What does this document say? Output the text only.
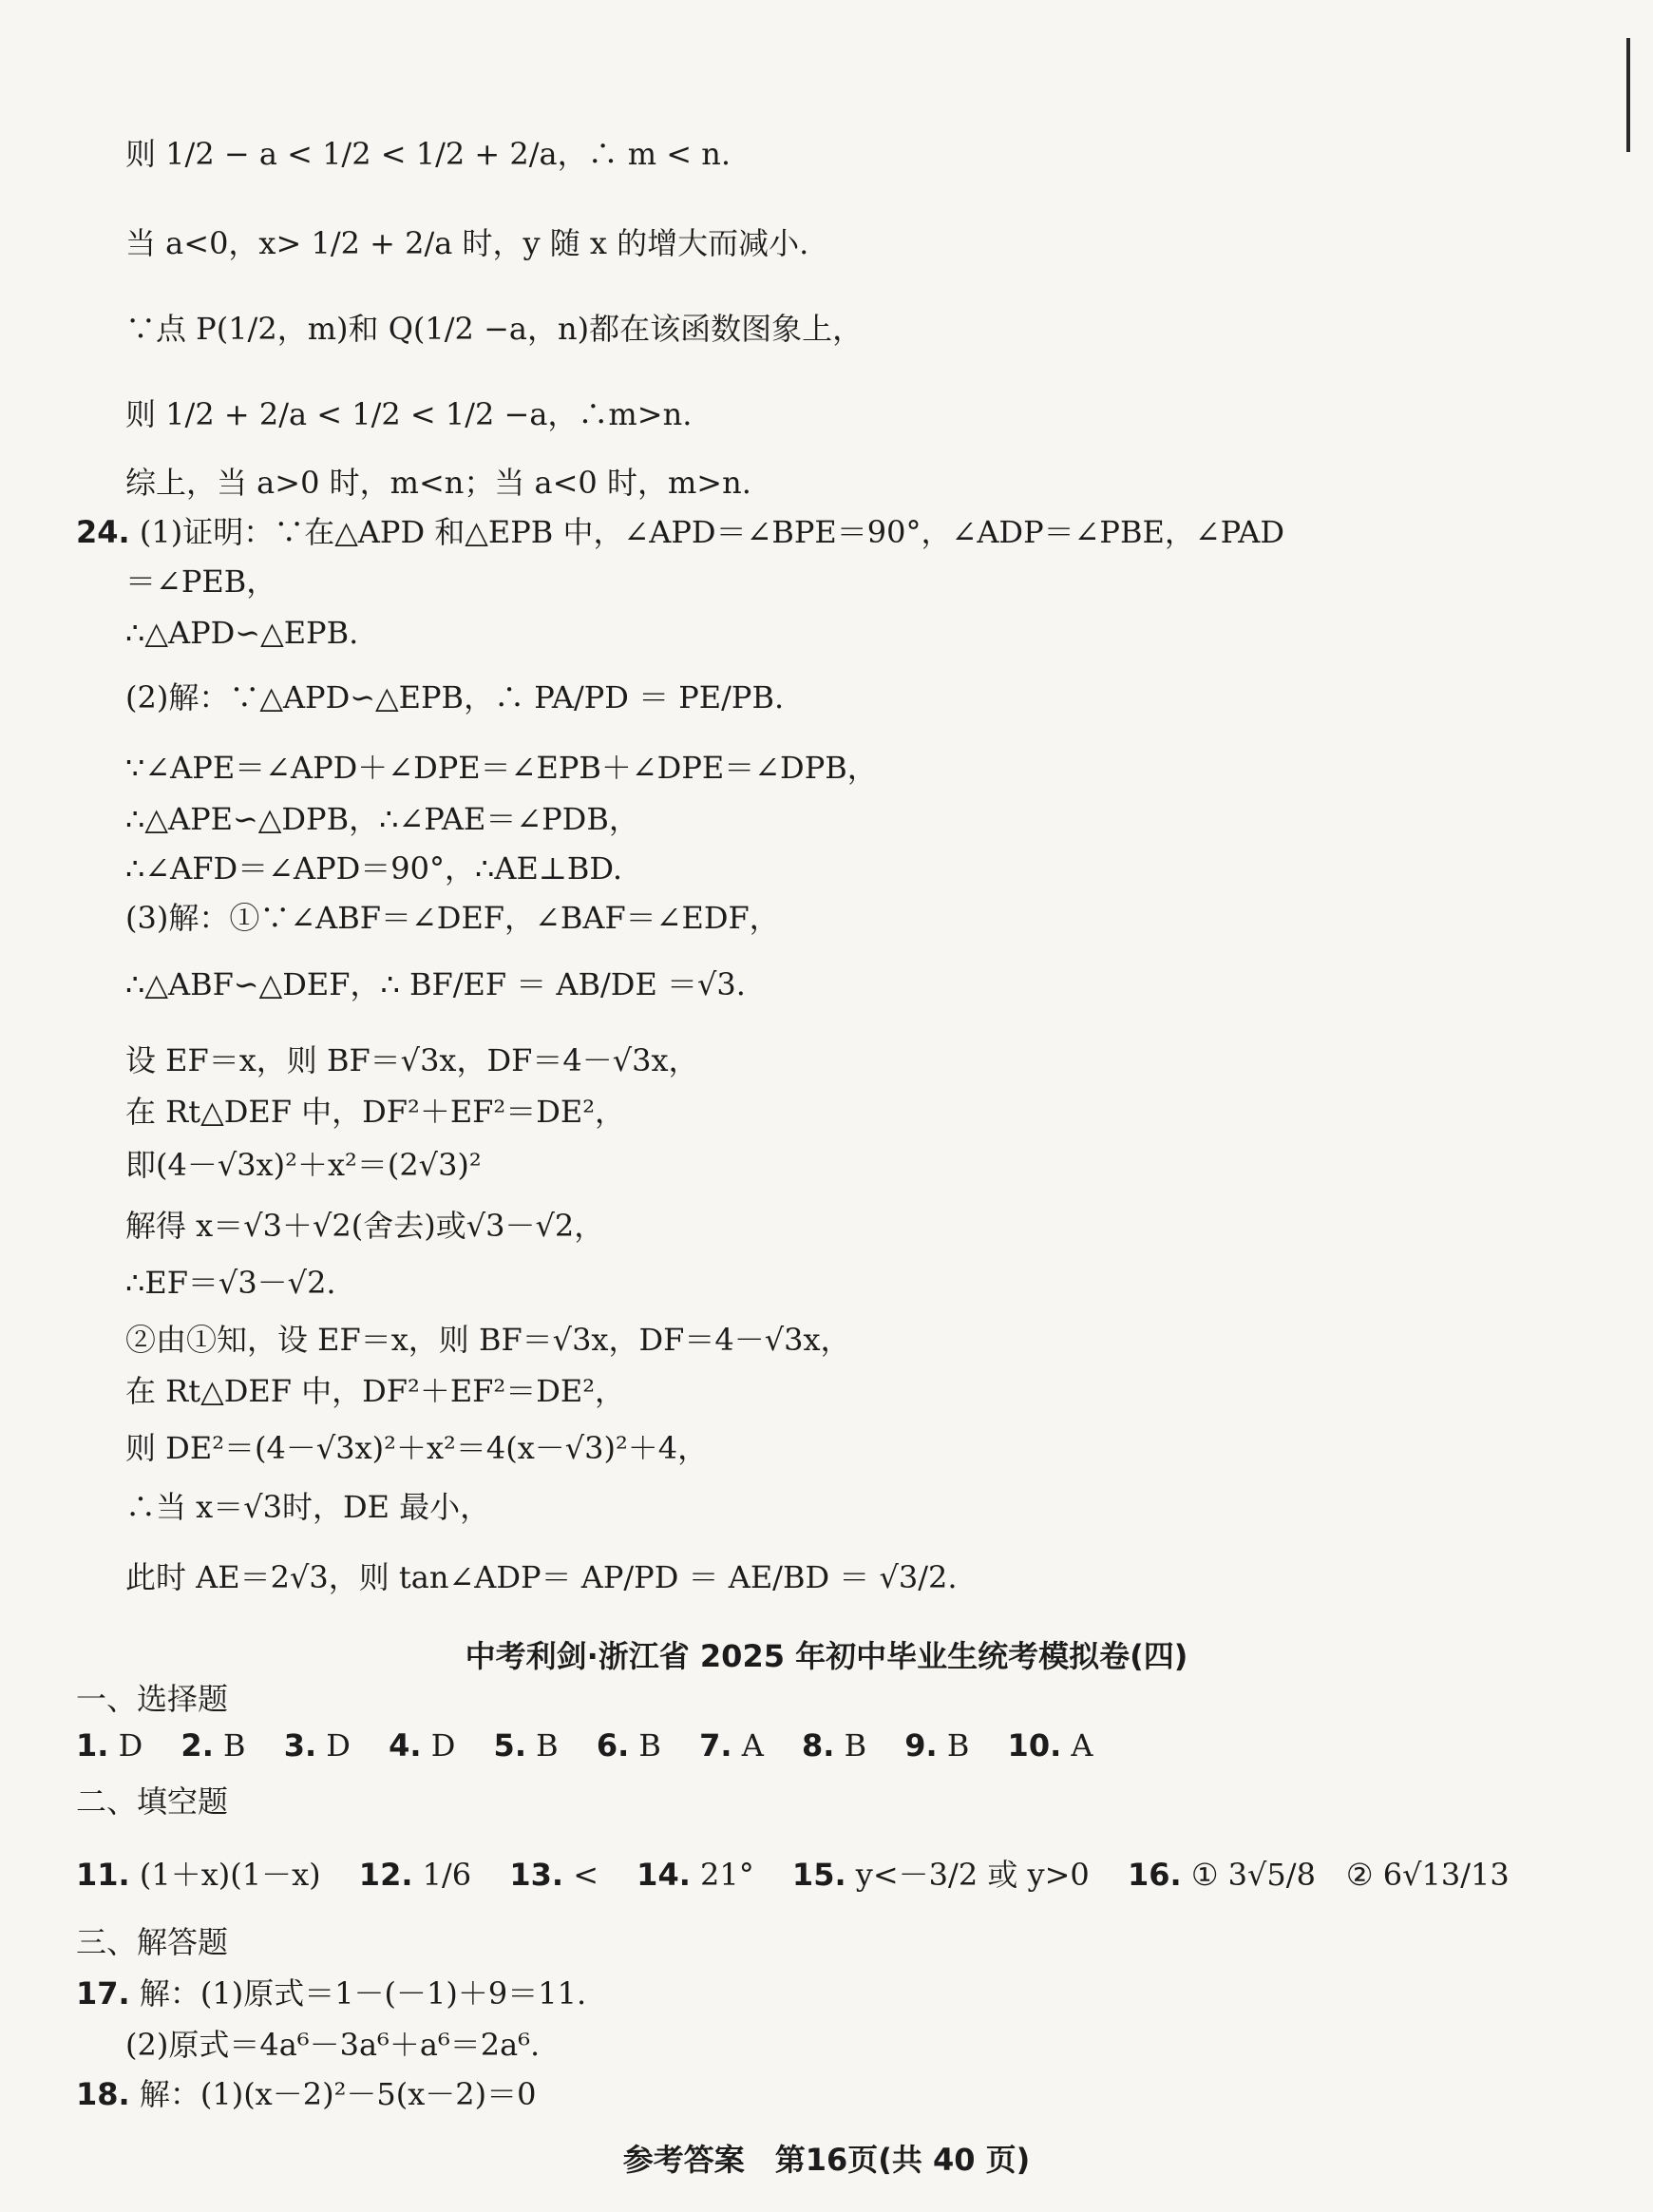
则 1/2 − a < 1/2 < 1/2 + 2/a，∴ m < n.
当 a<0，x> 1/2 + 2/a 时，y 随 x 的增大而减小.
∵点 P(1/2，m)和 Q(1/2 −a，n)都在该函数图象上，
则 1/2 + 2/a < 1/2 < 1/2 −a，∴m>n.
综上，当 a>0 时，m<n；当 a<0 时，m>n.
24. (1)证明：∵在△APD 和△EPB 中，∠APD＝∠BPE＝90°，∠ADP＝∠PBE，∠PAD
＝∠PEB，
∴△APD∽△EPB.
(2)解：∵△APD∽△EPB，∴ PA/PD ＝ PE/PB.
∵∠APE＝∠APD＋∠DPE＝∠EPB＋∠DPE＝∠DPB，
∴△APE∽△DPB，∴∠PAE＝∠PDB，
∴∠AFD＝∠APD＝90°，∴AE⊥BD.
(3)解：①∵∠ABF＝∠DEF，∠BAF＝∠EDF，
∴△ABF∽△DEF，∴ BF/EF ＝ AB/DE ＝√3.
设 EF＝x，则 BF＝√3x，DF＝4－√3x，
在 Rt△DEF 中，DF²＋EF²＝DE²，
即(4－√3x)²＋x²＝(2√3)²
解得 x＝√3＋√2(舍去)或√3－√2，
∴EF＝√3－√2.
②由①知，设 EF＝x，则 BF＝√3x，DF＝4－√3x，
在 Rt△DEF 中，DF²＋EF²＝DE²，
则 DE²＝(4－√3x)²＋x²＝4(x－√3)²＋4，
∴当 x＝√3时，DE 最小，
此时 AE＝2√3，则 tan∠ADP＝ AP/PD ＝ AE/BD ＝ √3/2.
中考利剑·浙江省 2025 年初中毕业生统考模拟卷(四)
一、选择题
1. D 2. B 3. D 4. D 5. B 6. B 7. A 8. B 9. B 10. A
二、填空题
11. (1＋x)(1－x) 12. 1/6 13. < 14. 21° 15. y<－3/2 或 y>0 16. ① 3√5/8　② 6√13/13
三、解答题
17. 解：(1)原式＝1－(－1)＋9＝11.
(2)原式＝4a⁶－3a⁶＋a⁶＝2a⁶.
18. 解：(1)(x－2)²－5(x－2)＝0
参考答案　第16页(共 40 页)
